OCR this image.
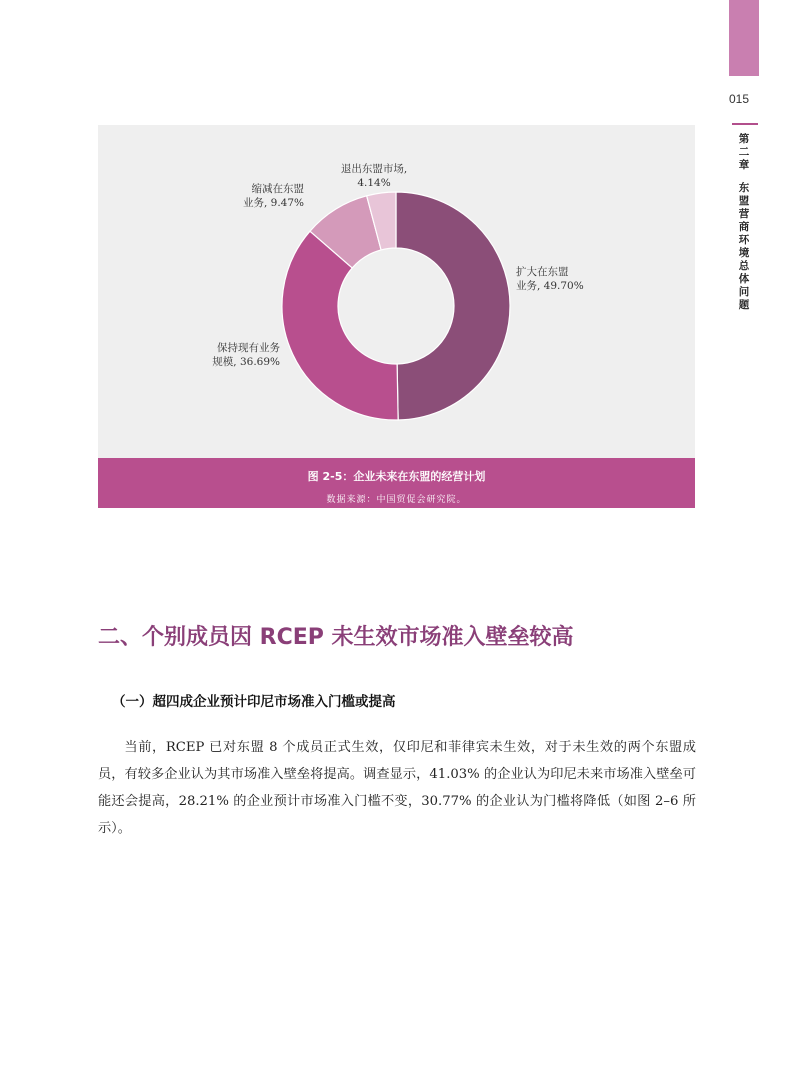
015
第
二
章
东
盟
营
商
环
境
总
体
问
题
扩大在东盟业务, 49.70%
保持现有业务规模, 36.69%
缩减在东盟业务, 9.47%
退出东盟市场, 4.14%
图 2-5：企业未来在东盟的经营计划
数据来源：中国贸促会研究院。
二、个别成员因 RCEP 未生效市场准入壁垒较高
（一）超四成企业预计印尼市场准入门槛或提高

当前，RCEP 已对东盟 8 个成员正式生效，仅印尼和菲律宾未生效，对于未生效的两个东盟成员，有较多企业认为其市场准入壁垒将提高。调查显示，41.03% 的企业认为印尼未来市场准入壁垒可能还会提高，28.21% 的企业预计市场准入门槛不变，30.77% 的企业认为门槛将降低（如图 2–6 所示）。
